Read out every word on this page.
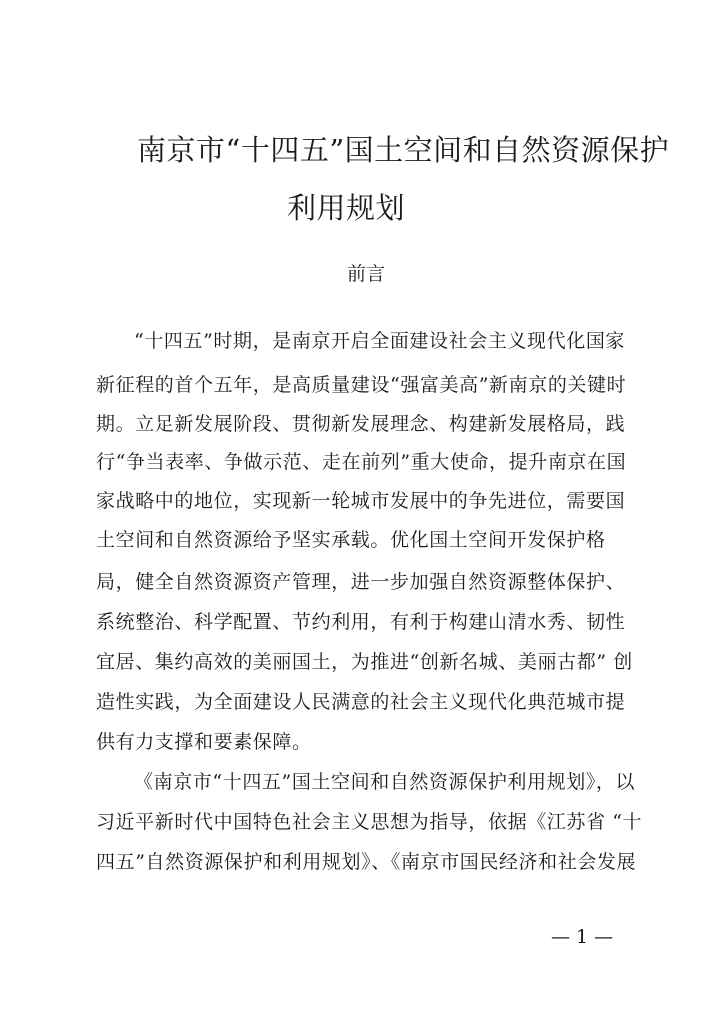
南京市“十四五”国土空间和自然资源保护
利用规划
前言
“十四五”时期，是南京开启全面建设社会主义现代化国家
新征程的首个五年，是高质量建设“强富美高”新南京的关键时
期。立足新发展阶段、贯彻新发展理念、构建新发展格局，践
行“争当表率、争做示范、走在前列”重大使命，提升南京在国
家战略中的地位，实现新一轮城市发展中的争先进位，需要国
土空间和自然资源给予坚实承载。优化国土空间开发保护格
局，健全自然资源资产管理，进一步加强自然资源整体保护、
系统整治、科学配置、节约利用，有利于构建山清水秀、韧性
宜居、集约高效的美丽国土，为推进“创新名城、美丽古都” 创
造性实践，为全面建设人民满意的社会主义现代化典范城市提
供有力支撑和要素保障。
《南京市“十四五”国土空间和自然资源保护利用规划》，以
习近平新时代中国特色社会主义思想为指导，依据《江苏省 “十
四五”自然资源保护和利用规划》、《南京市国民经济和社会发展
— 1 —
